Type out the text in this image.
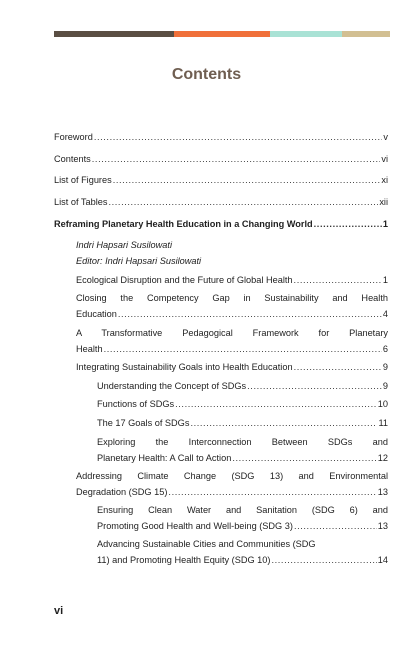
Contents
Foreword .....	v
Contents .....	vi
List of Figures .....	xi
List of Tables .....	xii
Reframing Planetary Health Education in a Changing World .....	1
Indri Hapsari Susilowati
Editor: Indri Hapsari Susilowati
Ecological Disruption and the Future of Global Health .....	1
Closing the Competency Gap in Sustainability and Health
Education .....	4
A Transformative Pedagogical Framework for Planetary
Health .....	6
Integrating Sustainability Goals into Health Education .....	9
Understanding the Concept of SDGs .....	9
Functions of SDGs .....	10
The 17 Goals of SDGs .....	11
Exploring the Interconnection Between SDGs and
Planetary Health: A Call to Action .....	12
Addressing Climate Change (SDG 13) and Environmental
Degradation (SDG 15) .....	13
Ensuring Clean Water and Sanitation (SDG 6) and
Promoting Good Health and Well-being (SDG 3) .....	13
Advancing Sustainable Cities and Communities (SDG
11) and Promoting Health Equity (SDG 10) .....	14
vi
